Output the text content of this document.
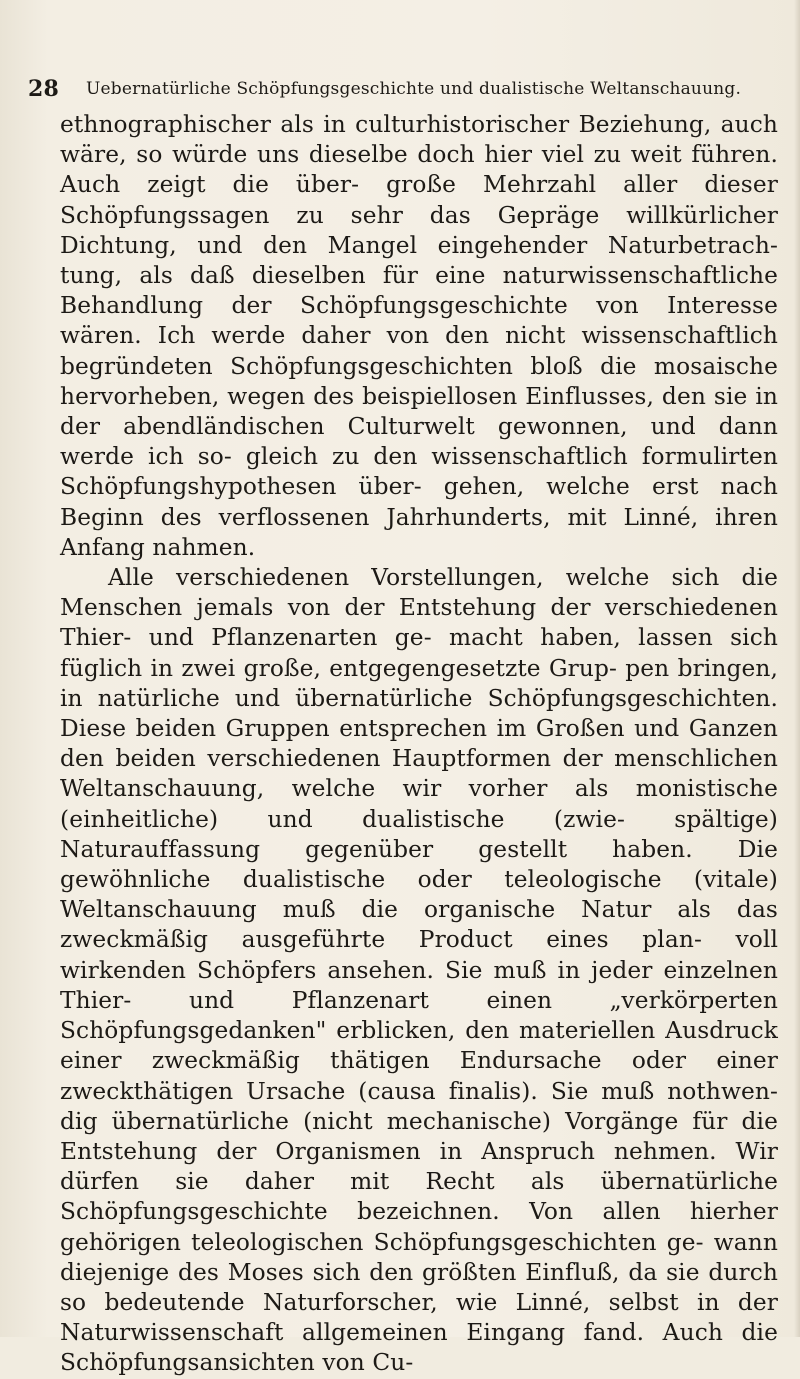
28 Uebernatürliche Schöpfungsgeschichte und dualistische Weltanschauung.

ethnographischer als in culturhistorischer Beziehung, auch wäre, so würde uns dieselbe doch hier viel zu weit führen. Auch zeigt die über- große Mehrzahl aller dieser Schöpfungssagen zu sehr das Gepräge willkürlicher Dichtung, und den Mangel eingehender Naturbetrach- tung, als daß dieselben für eine naturwissenschaftliche Behandlung der Schöpfungsgeschichte von Interesse wären. Ich werde daher von den nicht wissenschaftlich begründeten Schöpfungsgeschichten bloß die mosaische hervorheben, wegen des beispiellosen Einflusses, den sie in der abendländischen Culturwelt gewonnen, und dann werde ich so- gleich zu den wissenschaftlich formulirten Schöpfungshypothesen über- gehen, welche erst nach Beginn des verflossenen Jahrhunderts, mit Linné, ihren Anfang nahmen.

Alle verschiedenen Vorstellungen, welche sich die Menschen jemals von der Entstehung der verschiedenen Thier- und Pflanzenarten ge- macht haben, lassen sich füglich in zwei große, entgegengesetzte Grup- pen bringen, in natürliche und übernatürliche Schöpfungsgeschichten. Diese beiden Gruppen entsprechen im Großen und Ganzen den beiden verschiedenen Hauptformen der menschlichen Weltanschauung, welche wir vorher als monistische (einheitliche) und dualistische (zwie- spältige) Naturauffassung gegenüber gestellt haben. Die gewöhnliche dualistische oder teleologische (vitale) Weltanschauung muß die organische Natur als das zweckmäßig ausgeführte Product eines plan- voll wirkenden Schöpfers ansehen. Sie muß in jeder einzelnen Thier- und Pflanzenart einen „verkörperten Schöpfungsgedanken" erblicken, den materiellen Ausdruck einer zweckmäßig thätigen Endursache oder einer zweckthätigen Ursache (causa finalis). Sie muß nothwen- dig übernatürliche (nicht mechanische) Vorgänge für die Entstehung der Organismen in Anspruch nehmen. Wir dürfen sie daher mit Recht als übernatürliche Schöpfungsgeschichte bezeichnen. Von allen hierher gehörigen teleologischen Schöpfungsgeschichten ge- wann diejenige des Moses sich den größten Einfluß, da sie durch so bedeutende Naturforscher, wie Linné, selbst in der Naturwissenschaft allgemeinen Eingang fand. Auch die Schöpfungsansichten von Cu-
